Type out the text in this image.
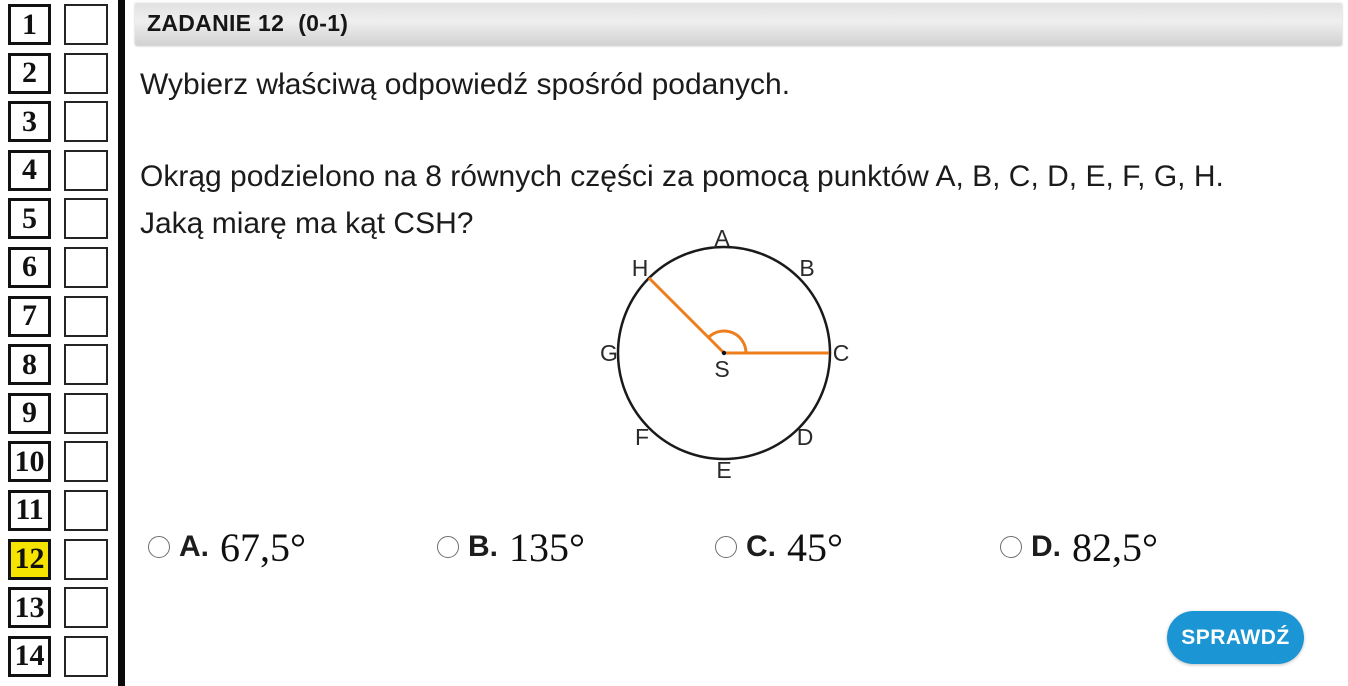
1
2
3
4
5
6
7
8
9
10
11
12
13
14
ZADANIE 12 (0-1)
Wybierz właściwą odpowiedź spośród podanych.
Okrąg podzielono na 8 równych części za pomocą punktów A, B, C, D, E, F, G, H.
Jaką miarę ma kąt CSH?	A
B
C
D
E
F
G
H
S
A. 67,5°	B. 135°	C. 45°	D. 82,5°
SPRAWDŹ
